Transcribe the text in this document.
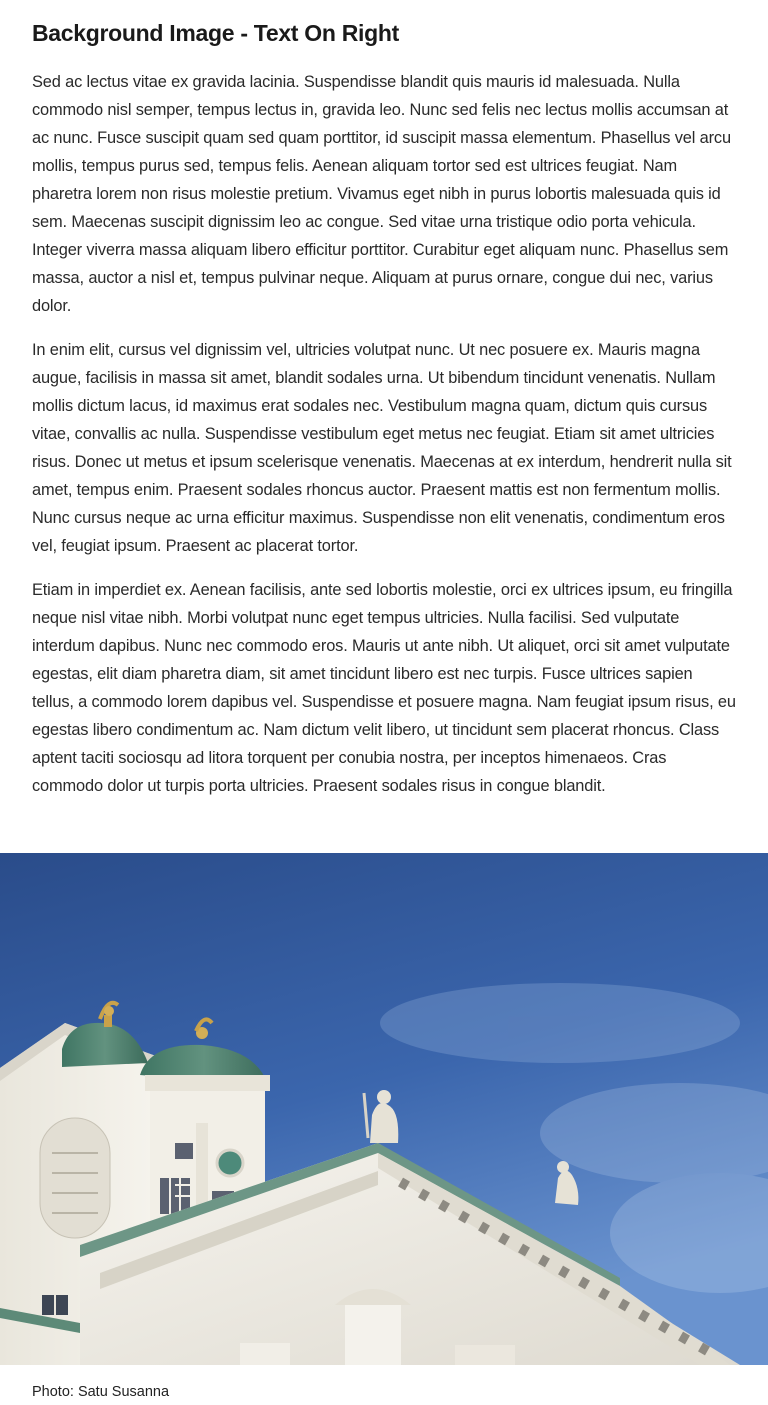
Background Image - Text On Right

Sed ac lectus vitae ex gravida lacinia. Suspendisse blandit quis mauris id malesuada. Nulla commodo nisl semper, tempus lectus in, gravida leo. Nunc sed felis nec lectus mollis accumsan at ac nunc. Fusce suscipit quam sed quam porttitor, id suscipit massa elementum. Phasellus vel arcu mollis, tempus purus sed, tempus felis. Aenean aliquam tortor sed est ultrices feugiat. Nam pharetra lorem non risus molestie pretium. Vivamus eget nibh in purus lobortis malesuada quis id sem. Maecenas suscipit dignissim leo ac congue. Sed vitae urna tristique odio porta vehicula. Integer viverra massa aliquam libero efficitur porttitor. Curabitur eget aliquam nunc. Phasellus sem massa, auctor a nisl et, tempus pulvinar neque. Aliquam at purus ornare, congue dui nec, varius dolor.

In enim elit, cursus vel dignissim vel, ultricies volutpat nunc. Ut nec posuere ex. Mauris magna augue, facilisis in massa sit amet, blandit sodales urna. Ut bibendum tincidunt venenatis. Nullam mollis dictum lacus, id maximus erat sodales nec. Vestibulum magna quam, dictum quis cursus vitae, convallis ac nulla. Suspendisse vestibulum eget metus nec feugiat. Etiam sit amet ultricies risus. Donec ut metus et ipsum scelerisque venenatis. Maecenas at ex interdum, hendrerit nulla sit amet, tempus enim. Praesent sodales rhoncus auctor. Praesent mattis est non fermentum mollis. Nunc cursus neque ac urna efficitur maximus. Suspendisse non elit venenatis, condimentum eros vel, feugiat ipsum. Praesent ac placerat tortor.

Etiam in imperdiet ex. Aenean facilisis, ante sed lobortis molestie, orci ex ultrices ipsum, eu fringilla neque nisl vitae nibh. Morbi volutpat nunc eget tempus ultricies. Nulla facilisi. Sed vulputate interdum dapibus. Nunc nec commodo eros. Mauris ut ante nibh. Ut aliquet, orci sit amet vulputate egestas, elit diam pharetra diam, sit amet tincidunt libero est nec turpis. Fusce ultrices sapien tellus, a commodo lorem dapibus vel. Suspendisse et posuere magna. Nam feugiat ipsum risus, eu egestas libero condimentum ac. Nam dictum velit libero, ut tincidunt sem placerat rhoncus. Class aptent taciti sociosqu ad litora torquent per conubia nostra, per inceptos himenaeos. Cras commodo dolor ut turpis porta ultricies. Praesent sodales risus in congue blandit.

Photo: Satu Susanna
